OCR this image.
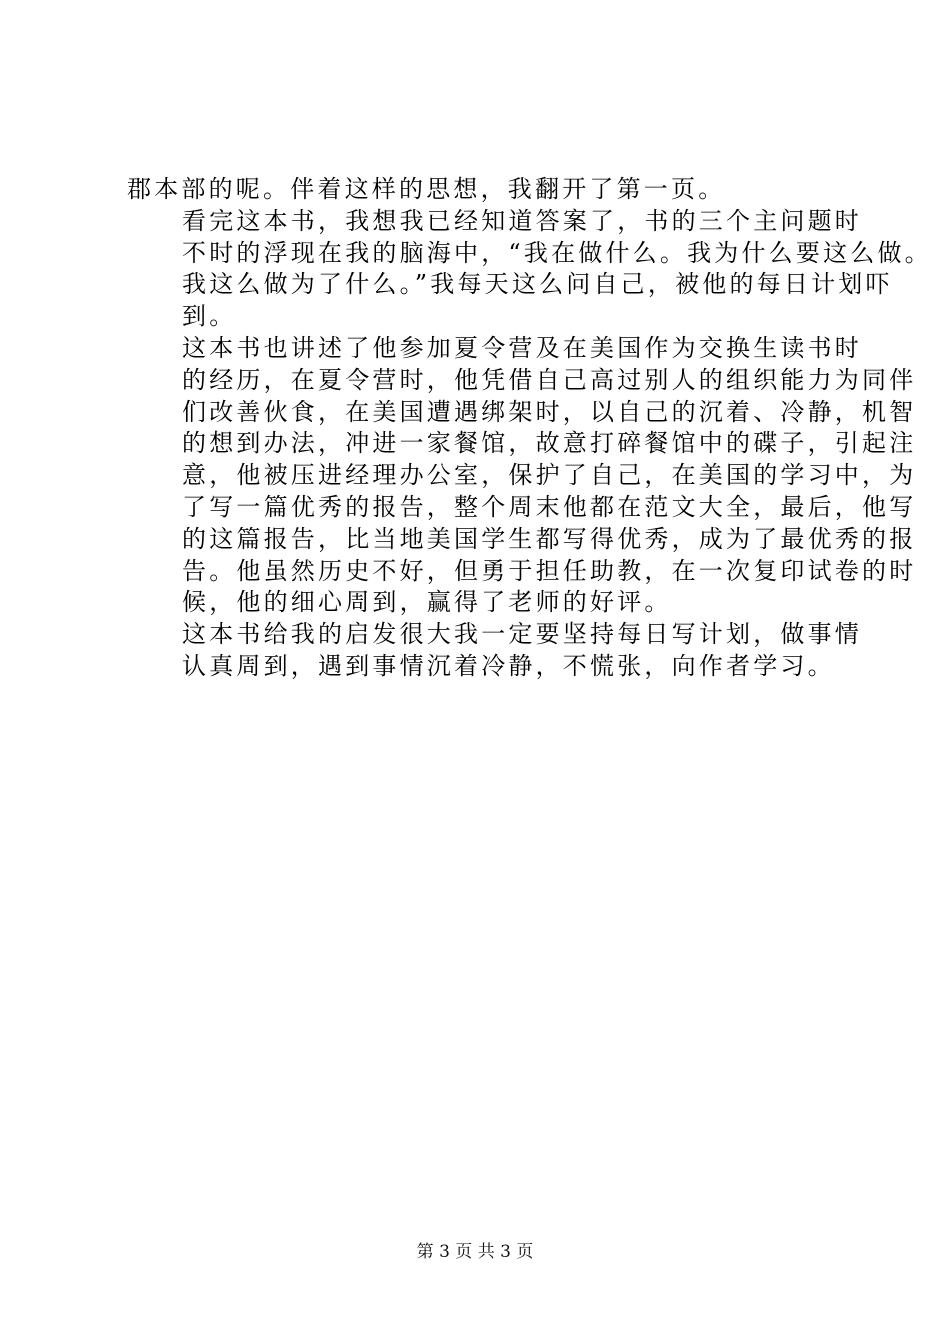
郡本部的呢。伴着这样的思想，我翻开了第一页。

看完这本书，我想我已经知道答案了，书的三个主问题时
不时的浮现在我的脑海中，“我在做什么。我为什么要这么做。
我这么做为了什么。”我每天这么问自己，被他的每日计划吓
到。

这本书也讲述了他参加夏令营及在美国作为交换生读书时
的经历，在夏令营时，他凭借自己高过别人的组织能力为同伴
们改善伙食，在美国遭遇绑架时，以自己的沉着、冷静，机智
的想到办法，冲进一家餐馆，故意打碎餐馆中的碟子，引起注
意，他被压进经理办公室，保护了自己，在美国的学习中，为
了写一篇优秀的报告，整个周末他都在范文大全，最后，他写
的这篇报告，比当地美国学生都写得优秀，成为了最优秀的报
告。他虽然历史不好，但勇于担任助教，在一次复印试卷的时
候，他的细心周到，赢得了老师的好评。

这本书给我的启发很大我一定要坚持每日写计划，做事情
认真周到，遇到事情沉着冷静，不慌张，向作者学习。

第 3 页 共 3 页
